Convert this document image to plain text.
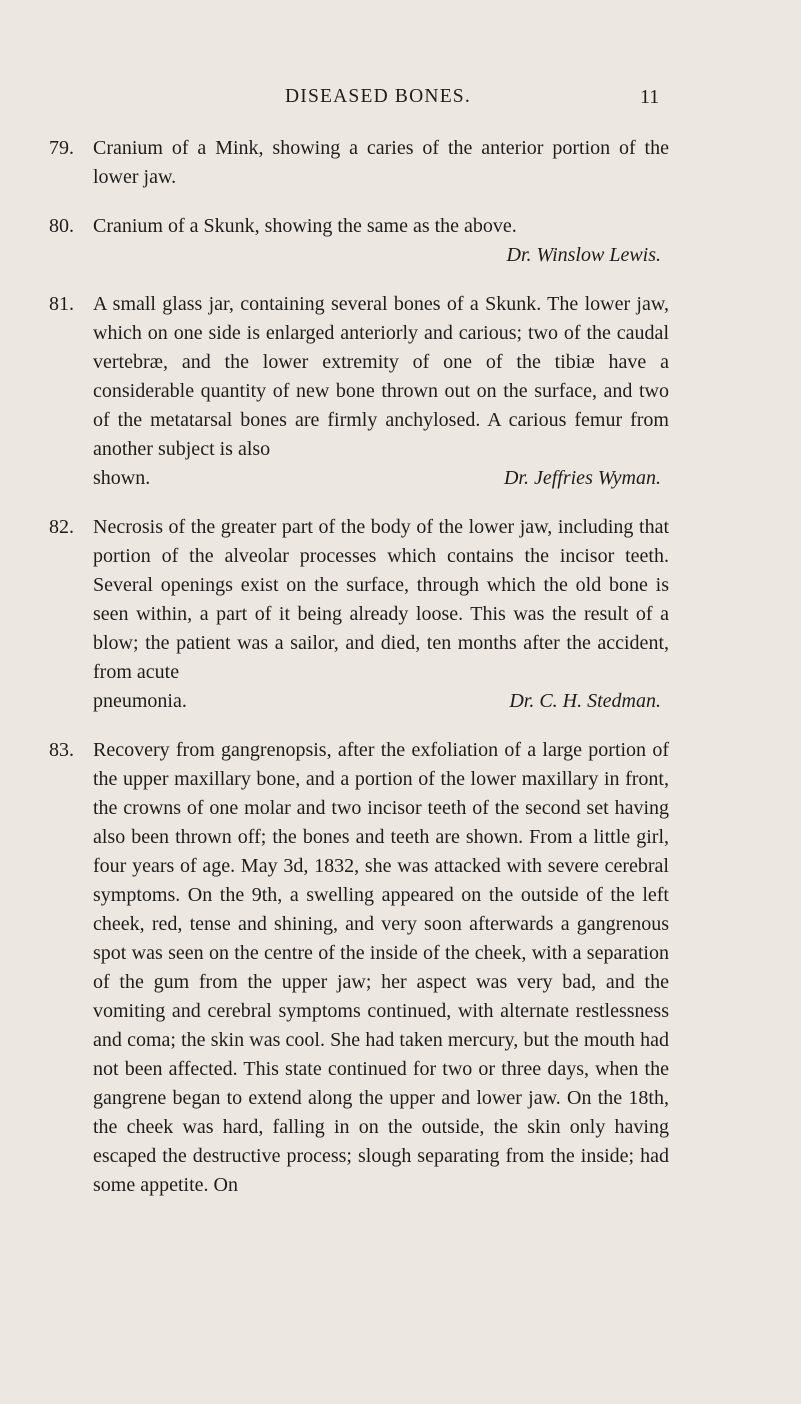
DISEASED BONES.	11
79. Cranium of a Mink, showing a caries of the anterior portion of the lower jaw.
80. Cranium of a Skunk, showing the same as the above.
Dr. Winslow Lewis.
81. A small glass jar, containing several bones of a Skunk. The lower jaw, which on one side is enlarged anteriorly and carious; two of the caudal vertebræ, and the lower extremity of one of the tibiæ have a considerable quantity of new bone thrown out on the surface, and two of the metatarsal bones are firmly anchylosed. A carious femur from another subject is also
shown.	Dr. Jeffries Wyman.
82. Necrosis of the greater part of the body of the lower jaw, including that portion of the alveolar processes which contains the incisor teeth. Several openings exist on the surface, through which the old bone is seen within, a part of it being already loose. This was the result of a blow; the patient was a sailor, and died, ten months after the accident, from acute
pneumonia.	Dr. C. H. Stedman.
83. Recovery from gangrenopsis, after the exfoliation of a large portion of the upper maxillary bone, and a portion of the lower maxillary in front, the crowns of one molar and two incisor teeth of the second set having also been thrown off; the bones and teeth are shown. From a little girl, four years of age. May 3d, 1832, she was attacked with severe cerebral symptoms. On the 9th, a swelling appeared on the outside of the left cheek, red, tense and shining, and very soon afterwards a gangrenous spot was seen on the centre of the inside of the cheek, with a separation of the gum from the upper jaw; her aspect was very bad, and the vomiting and cerebral symptoms continued, with alternate restlessness and coma; the skin was cool. She had taken mercury, but the mouth had not been affected. This state continued for two or three days, when the gangrene began to extend along the upper and lower jaw. On the 18th, the cheek was hard, falling in on the outside, the skin only having escaped the destructive process; slough separating from the inside; had some appetite. On
